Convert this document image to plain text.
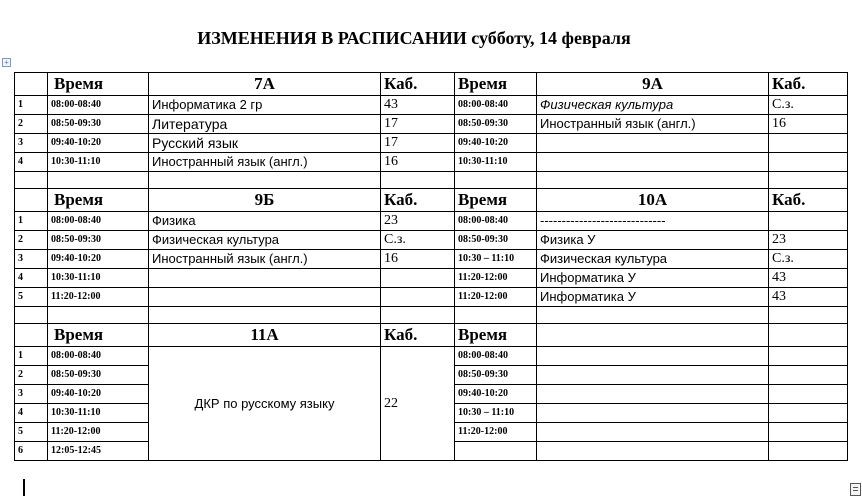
ИЗМЕНЕНИЯ В РАСПИСАНИИ субботу, 14 февраля
+
	Время	7А	Каб.	Время	9А	Каб.
1	08:00-08:40	Информатика 2 гр	43	08:00-08:40	Физическая культура	С.з.
2	08:50-09:30	Литература	17	08:50-09:30	Иностранный язык (англ.)	16
3	09:40-10:20	Русский язык	17	09:40-10:20		
4	10:30-11:10	Иностранный язык (англ.)	16	10:30-11:10		

	Время	9Б	Каб.	Время	10А	Каб.
1	08:00-08:40	Физика	23	08:00-08:40	-----------------------------	
2	08:50-09:30	Физическая культура	С.з.	08:50-09:30	Физика У	23
3	09:40-10:20	Иностранный язык (англ.)	16	10:30 – 11:10	Физическая культура	С.з.
4	10:30-11:10			11:20-12:00	Информатика У	43
5	11:20-12:00			11:20-12:00	Информатика У	43

	Время	11А	Каб.	Время		
1	08:00-08:40	ДКР по русскому языку	22	08:00-08:40		
2	08:50-09:30			08:50-09:30		
3	09:40-10:20			09:40-10:20		
4	10:30-11:10			10:30 – 11:10		
5	11:20-12:00			11:20-12:00		
6	12:05-12:45					
